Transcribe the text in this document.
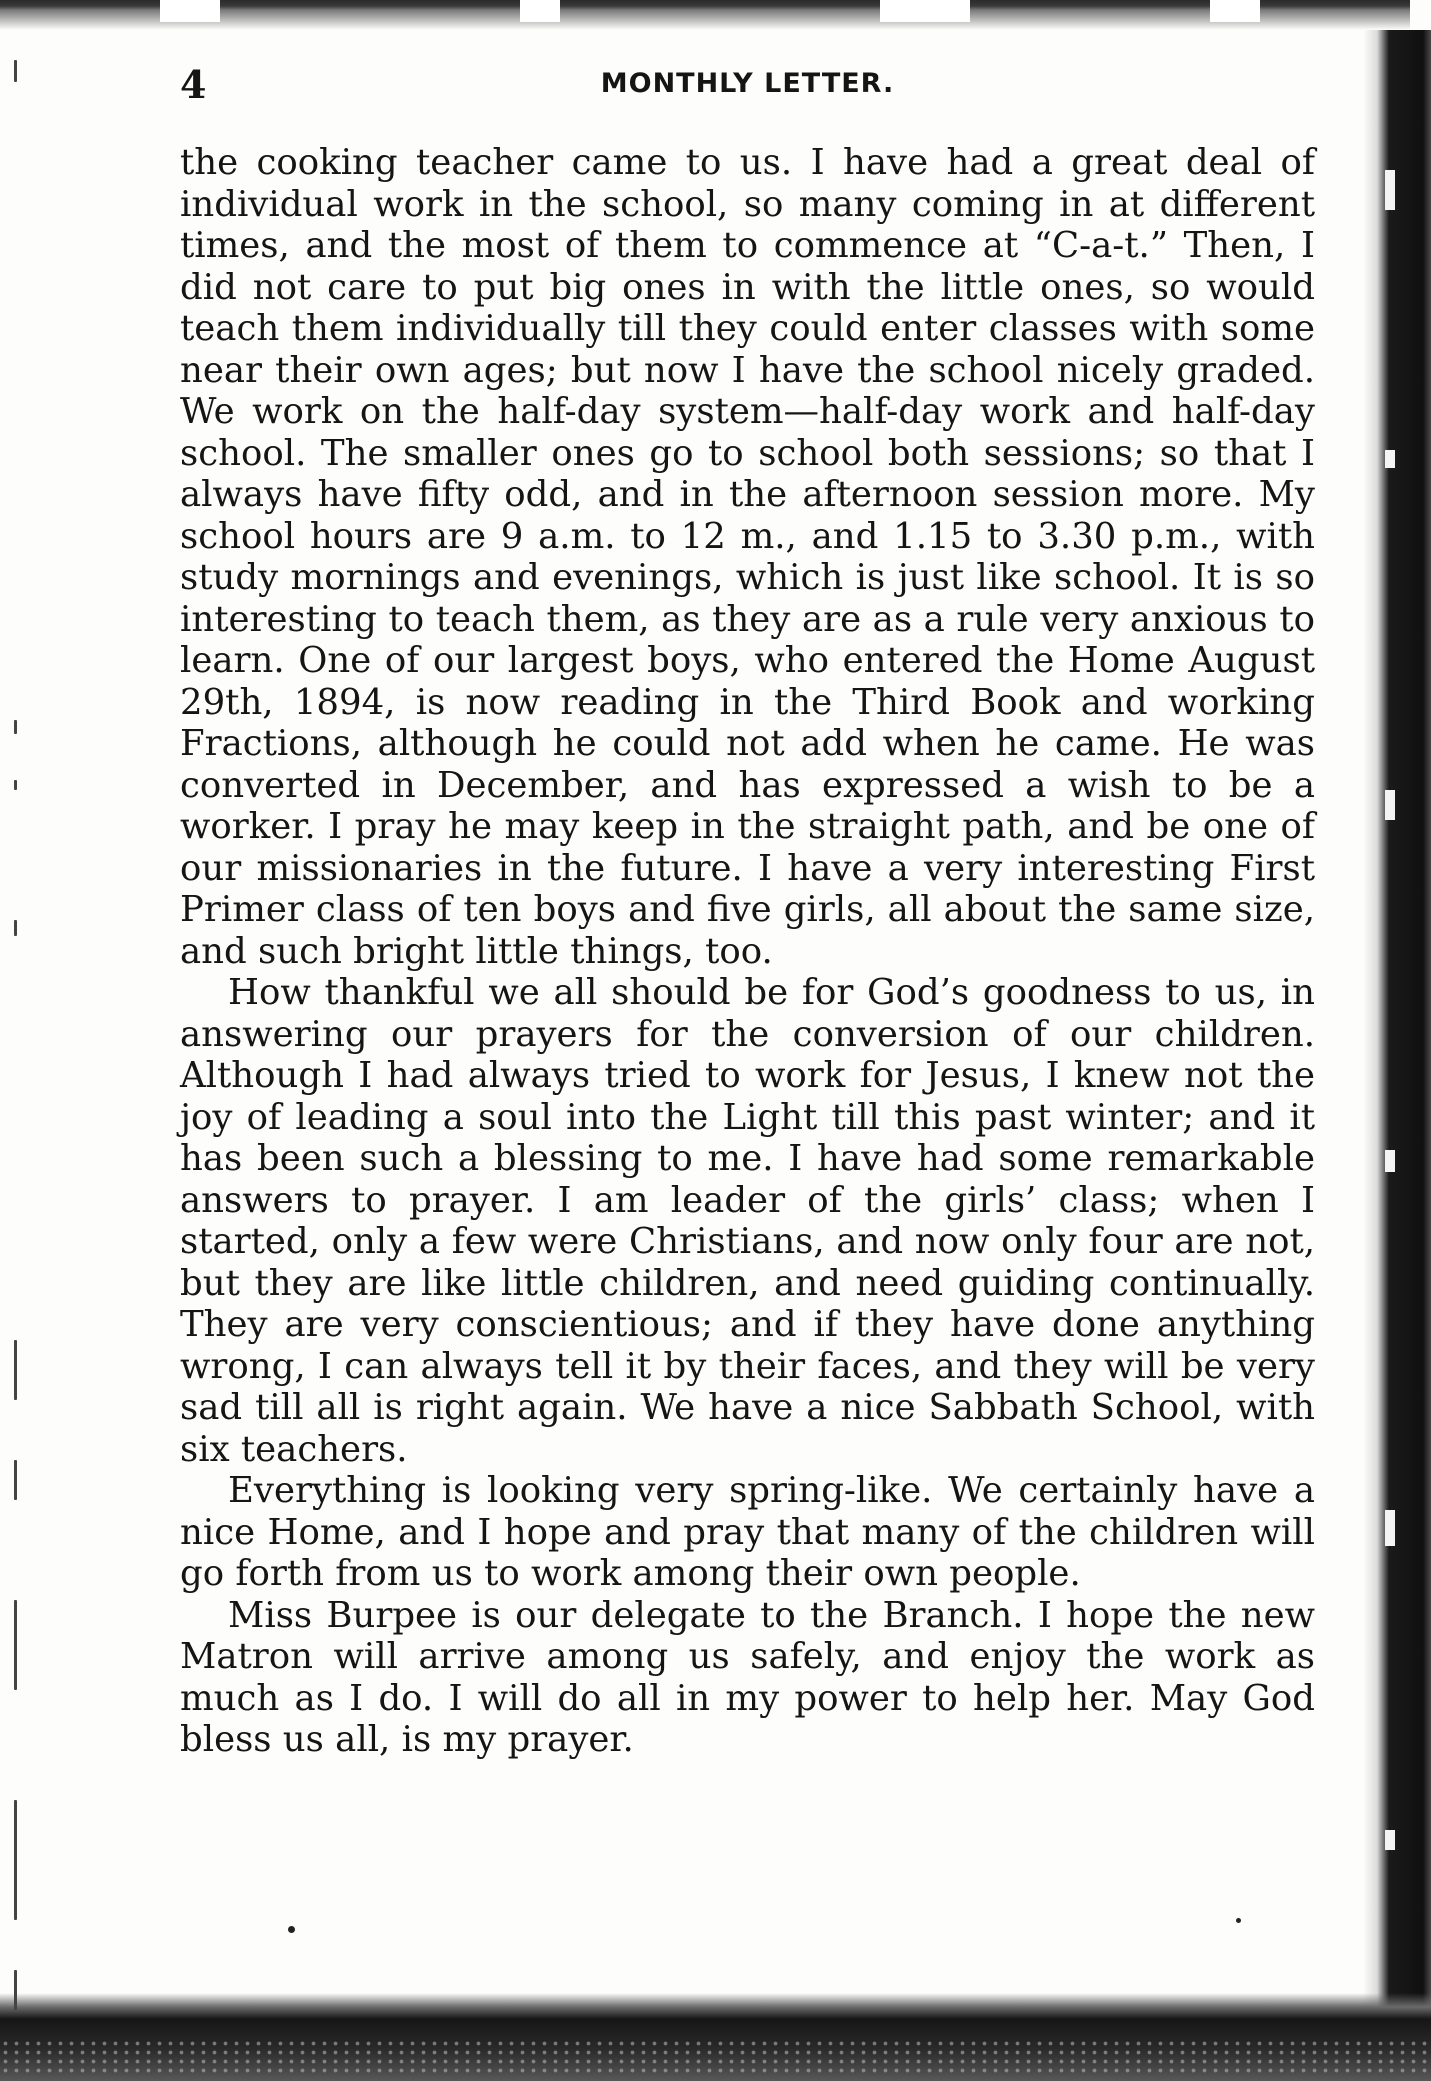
4	MONTHLY LETTER.

the cooking teacher came to us. I have had a great deal of individual work in the school, so many coming in at different times, and the most of them to commence at “C-a-t.” Then, I did not care to put big ones in with the little ones, so would teach them individually till they could enter classes with some near their own ages; but now I have the school nicely graded. We work on the half-day system—half-day work and half-day school. The smaller ones go to school both sessions; so that I always have fifty odd, and in the afternoon session more. My school hours are 9 a.m. to 12 m., and 1.15 to 3.30 p.m., with study mornings and evenings, which is just like school. It is so interesting to teach them, as they are as a rule very anxious to learn. One of our largest boys, who entered the Home August 29th, 1894, is now reading in the Third Book and working Fractions, although he could not add when he came. He was converted in December, and has expressed a wish to be a worker. I pray he may keep in the straight path, and be one of our missionaries in the future. I have a very interesting First Primer class of ten boys and five girls, all about the same size, and such bright little things, too.

How thankful we all should be for God’s goodness to us, in answering our prayers for the conversion of our children. Although I had always tried to work for Jesus, I knew not the joy of leading a soul into the Light till this past winter; and it has been such a blessing to me. I have had some remarkable answers to prayer. I am leader of the girls’ class; when I started, only a few were Christians, and now only four are not, but they are like little children, and need guiding continually. They are very conscientious; and if they have done anything wrong, I can always tell it by their faces, and they will be very sad till all is right again. We have a nice Sabbath School, with six teachers.

Everything is looking very spring-like. We certainly have a nice Home, and I hope and pray that many of the children will go forth from us to work among their own people.

Miss Burpee is our delegate to the Branch. I hope the new Matron will arrive among us safely, and enjoy the work as much as I do. I will do all in my power to help her. May God bless us all, is my prayer.
